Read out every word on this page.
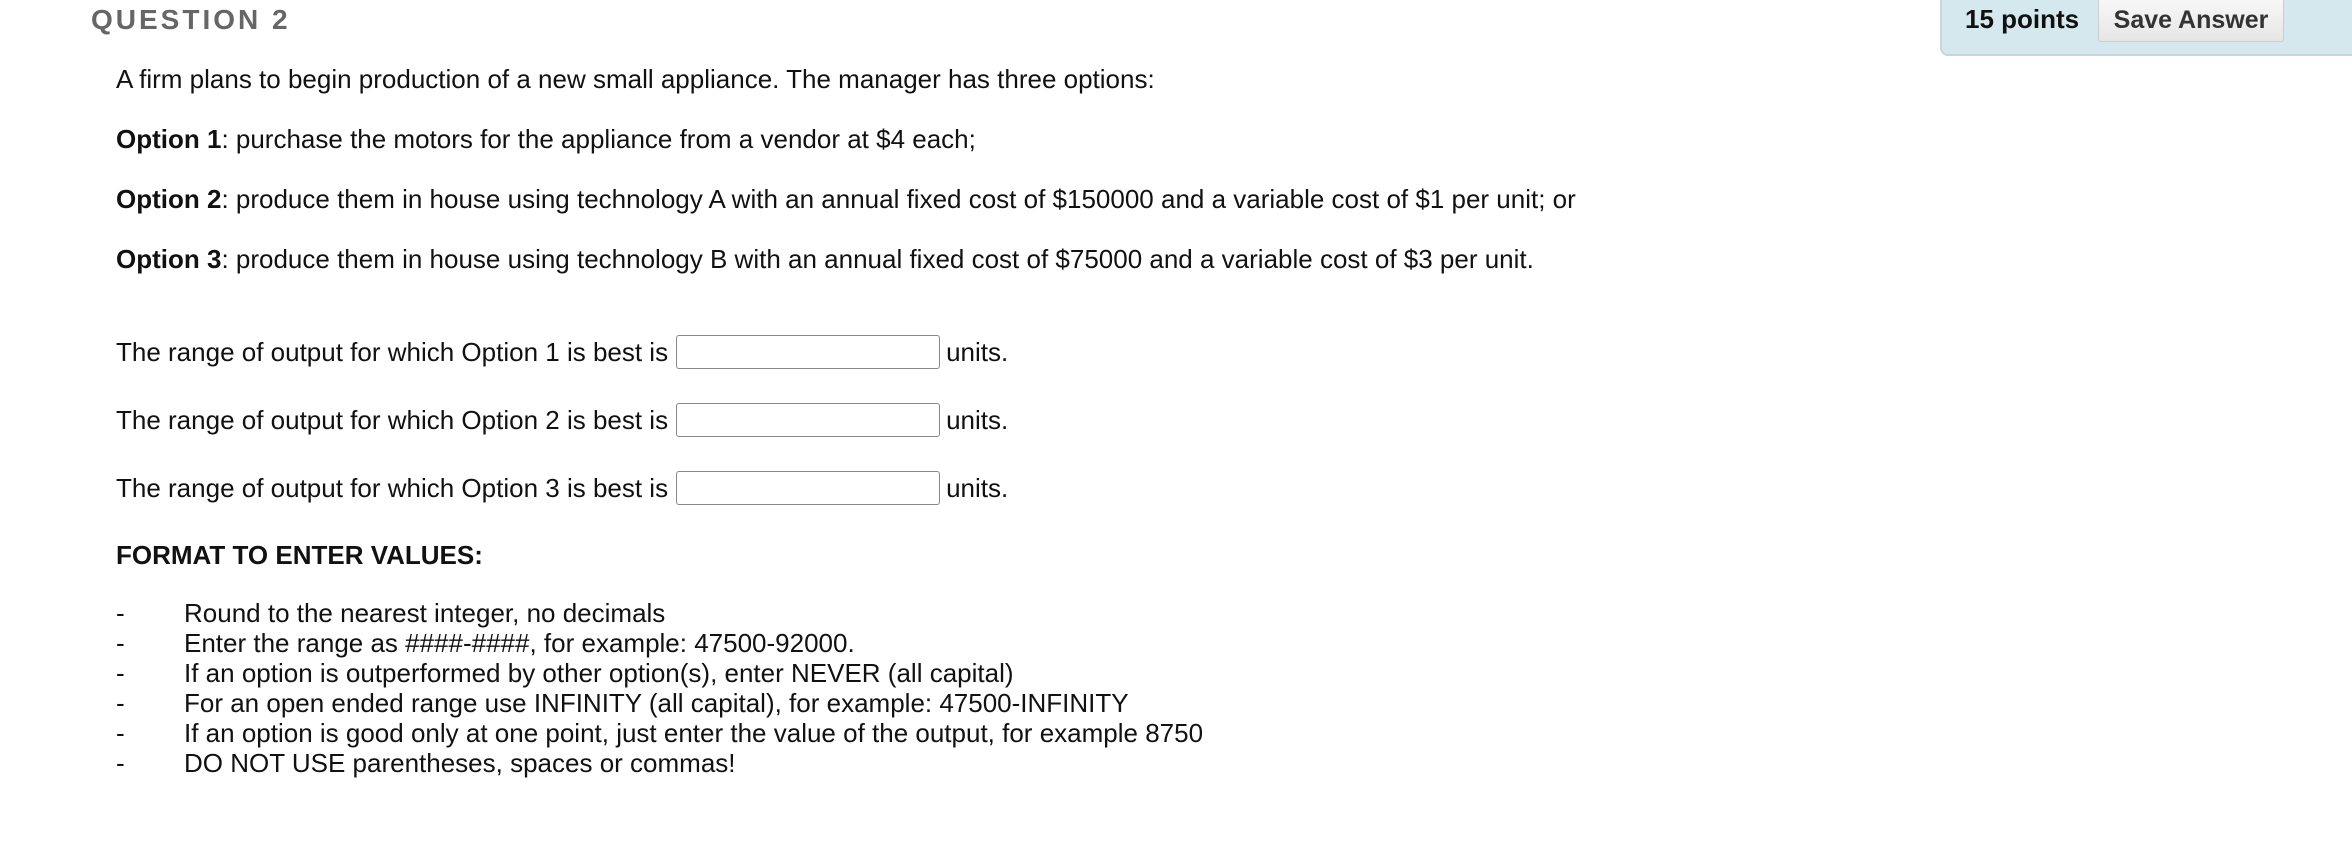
QUESTION 2	15 points	Save Answer
A firm plans to begin production of a new small appliance. The manager has three options:
Option 1: purchase the motors for the appliance from a vendor at $4 each;
Option 2: produce them in house using technology A with an annual fixed cost of $150000 and a variable cost of $1 per unit; or
Option 3: produce them in house using technology B with an annual fixed cost of $75000 and a variable cost of $3 per unit.
The range of output for which Option 1 is best is	units.
The range of output for which Option 2 is best is	units.
The range of output for which Option 3 is best is	units.
FORMAT TO ENTER VALUES:
-	Round to the nearest integer, no decimals
-	Enter the range as ####-####, for example: 47500-92000.
-	If an option is outperformed by other option(s), enter NEVER (all capital)
-	For an open ended range use INFINITY (all capital), for example: 47500-INFINITY
-	If an option is good only at one point, just enter the value of the output, for example 8750
-	DO NOT USE parentheses, spaces or commas!
